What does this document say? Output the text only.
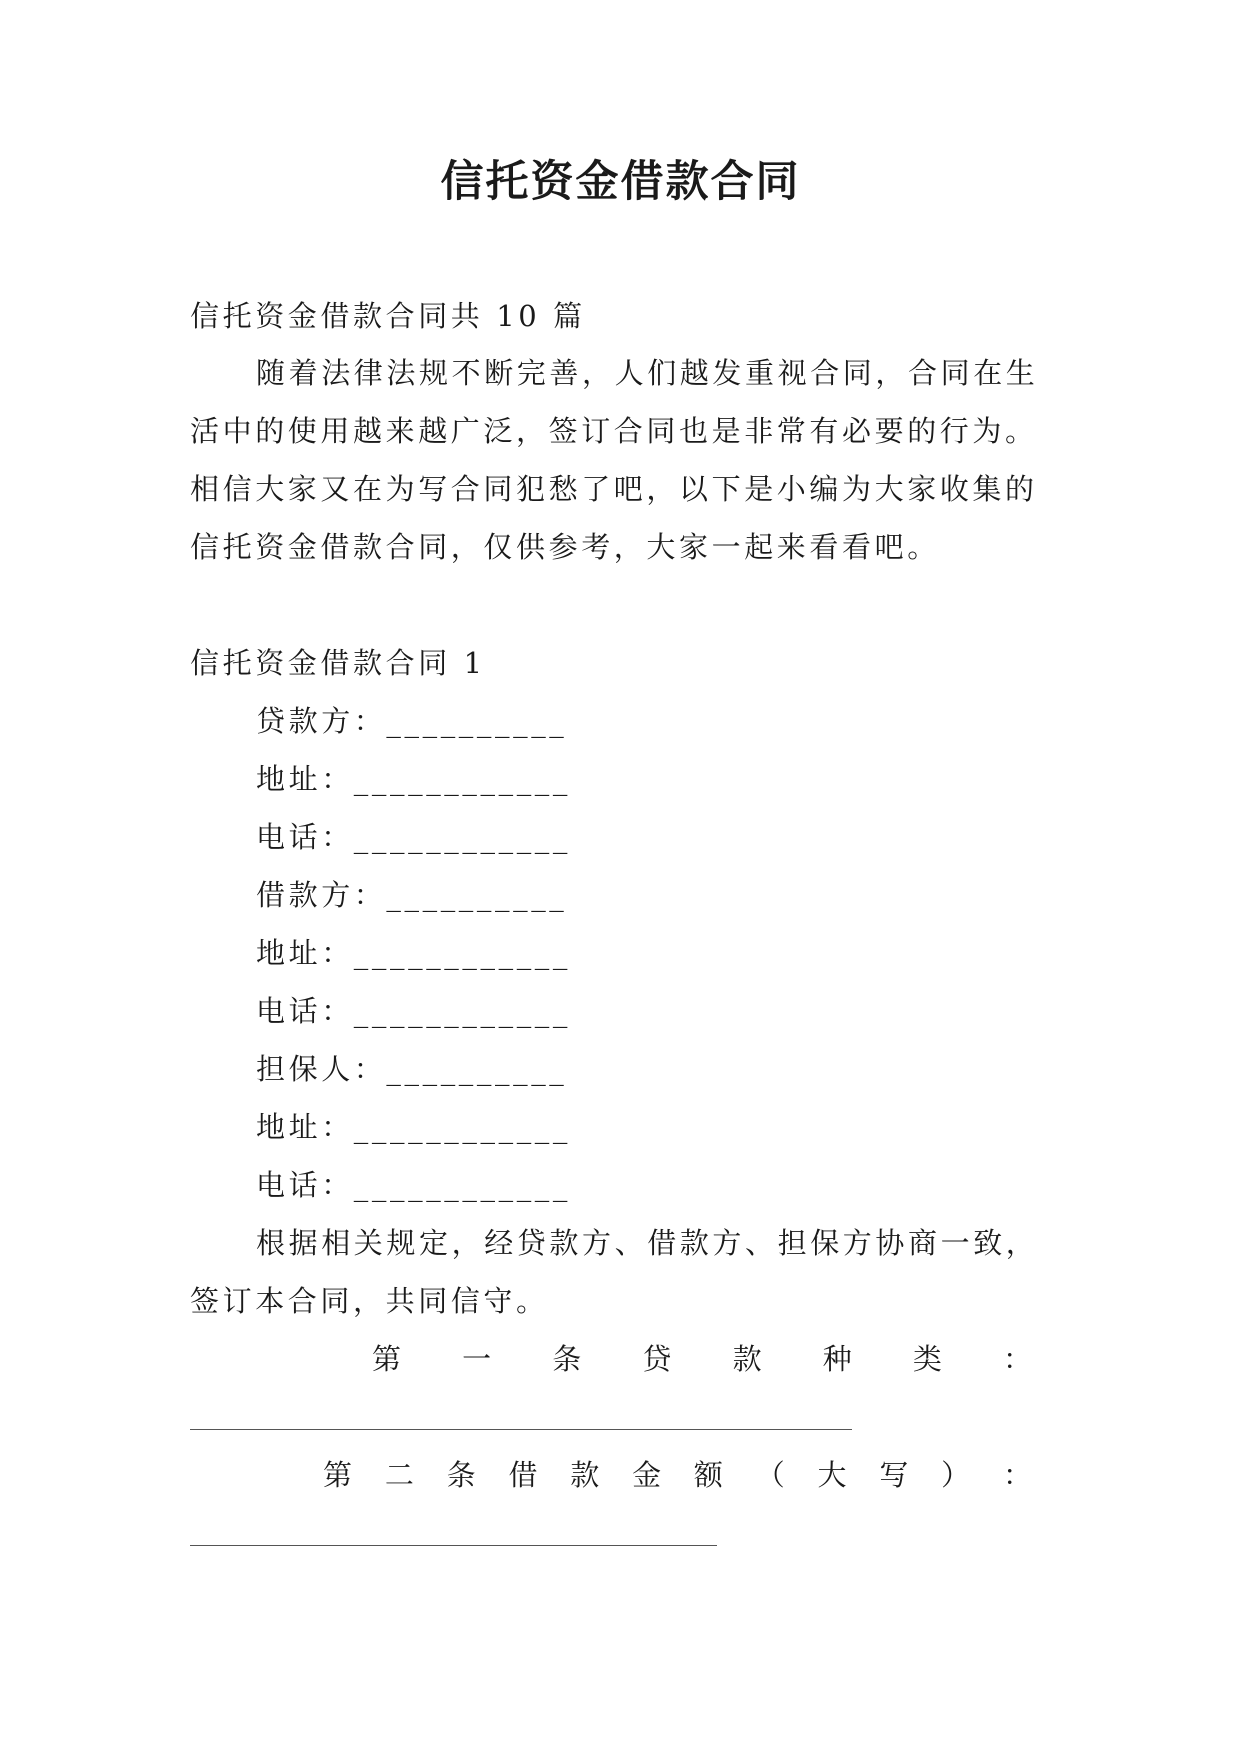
信托资金借款合同
信托资金借款合同共 10 篇
随着法律法规不断完善，人们越发重视合同，合同在生
活中的使用越来越广泛，签订合同也是非常有必要的行为。
相信大家又在为写合同犯愁了吧，以下是小编为大家收集的
信托资金借款合同，仅供参考，大家一起来看看吧。
信托资金借款合同 1
贷款方：__________
地址：____________
电话：____________
借款方：__________
地址：____________
电话：____________
担保人：__________
地址：____________
电话：____________
根据相关规定，经贷款方、借款方、担保方协商一致，
签订本合同，共同信守。
第 一 条 贷 款 种 类 ：
第 二 条 借 款 金 额 （ 大 写 ） ：
